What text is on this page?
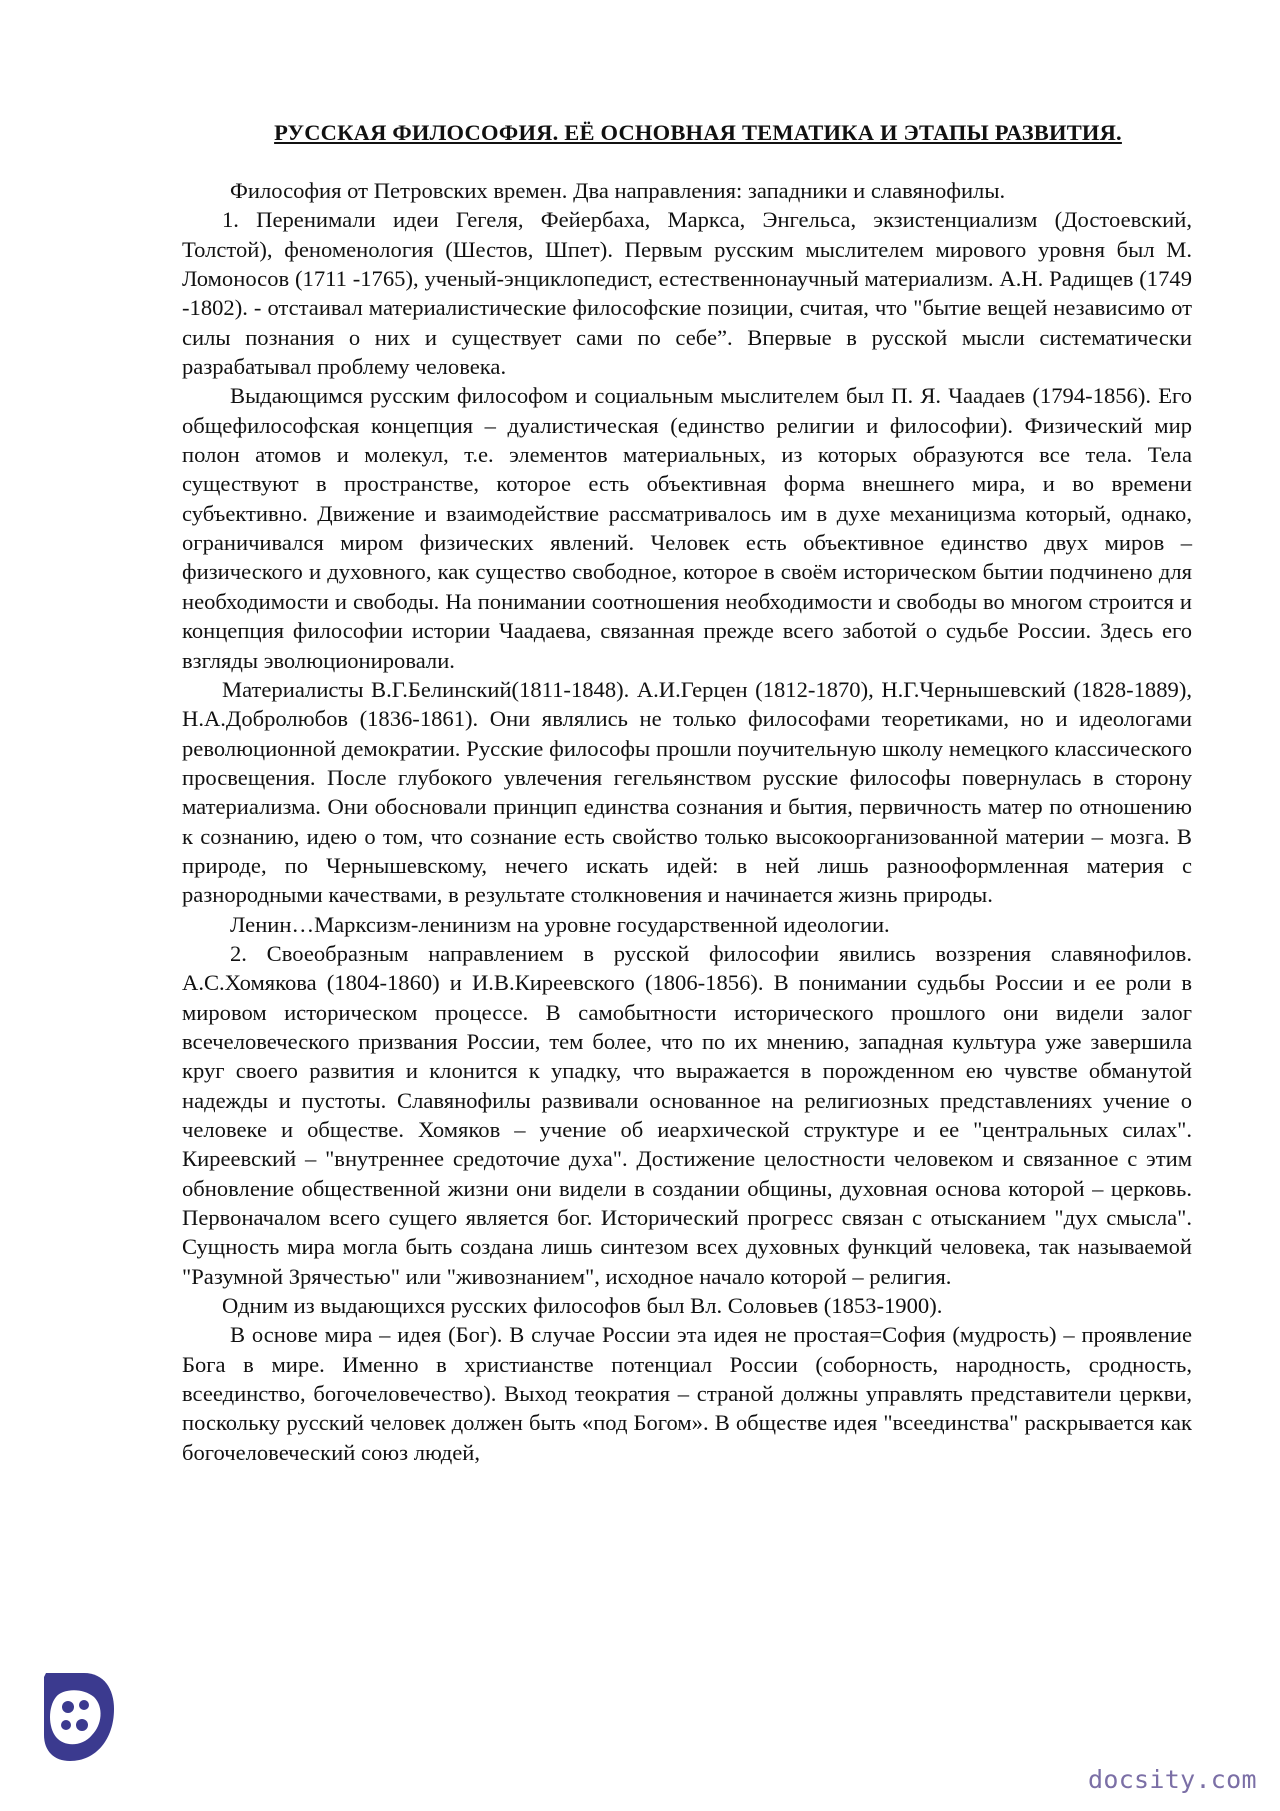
РУССКАЯ ФИЛОСОФИЯ. ЕЁ ОСНОВНАЯ ТЕМАТИКА И ЭТАПЫ РАЗВИТИЯ.

Философия от Петровских времен. Два направления: западники и славянофилы.

1. Перенимали идеи Гегеля, Фейербаха, Маркса, Энгельса, экзистенциализм (Достоевский, Толстой), феноменология (Шестов, Шпет). Первым русским мыслителем мирового уровня был М. Ломоносов (1711 -1765), ученый-энциклопедист, естественнонаучный материализм. А.Н. Радищев (1749 -1802). - отстаивал материалистические философские позиции, считая, что "бытие вещей независимо от силы познания о них и существует сами по себе”. Впервые в русской мысли систематически разрабатывал проблему человека.

Выдающимся русским философом и социальным мыслителем был П. Я. Чаадаев (1794-1856). Его общефилософская концепция – дуалистическая (единство религии и философии). Физический мир полон атомов и молекул, т.е. элементов материальных, из которых образуются все тела. Тела существуют в пространстве, которое есть объективная форма внешнего мира, и во времени субъективно. Движение и взаимодействие рассматривалось им в духе механицизма который, однако, ограничивался миром физических явлений. Человек есть объективное единство двух миров – физического и духовного, как существо свободное, которое в своём историческом бытии подчинено для необходимости и свободы. На понимании соотношения необходимости и свободы во многом строится и концепция философии истории Чаадаева, связанная прежде всего заботой о судьбе России. Здесь его взгляды эволюционировали.

Материалисты В.Г.Белинский(1811-1848). А.И.Герцен (1812-1870), Н.Г.Чернышевский (1828-1889), Н.А.Добролюбов (1836-1861). Они являлись не только философами теоретиками, но и идеологами революционной демократии. Русские философы прошли поучительную школу немецкого классического просвещения. После глубокого увлечения гегельянством русские философы повернулась в сторону материализма. Они обосновали принцип единства сознания и бытия, первичность матер по отношению к сознанию, идею о том, что сознание есть свойство только высокоорганизованной материи – мозга. В природе, по Чернышевскому, нечего искать идей: в ней лишь разнооформленная материя с разнородными качествами, в результате столкновения и начинается жизнь природы.

Ленин…Марксизм-ленинизм на уровне государственной идеологии.

2. Своеобразным направлением в русской философии явились воззрения славянофилов. А.С.Хомякова (1804-1860) и И.В.Киреевского (1806-1856). В понимании судьбы России и ее роли в мировом историческом процессе. В самобытности исторического прошлого они видели залог всечеловеческого призвания России, тем более, что по их мнению, западная культура уже завершила круг своего развития и клонится к упадку, что выражается в порожденном ею чувстве обманутой надежды и пустоты. Славянофилы развивали основанное на религиозных представлениях учение о человеке и обществе. Хомяков – учение об иеархической структуре и ее "центральных силах". Киреевский – "внутреннее средоточие духа". Достижение целостности человеком и связанное с этим обновление общественной жизни они видели в создании общины, духовная основа которой – церковь. Первоначалом всего сущего является бог. Исторический прогресс связан с отысканием "дух смысла". Сущность мира могла быть создана лишь синтезом всех духовных функций человека, так называемой "Разумной Зрячестью" или "живознанием", исходное начало которой – религия.

Одним из выдающихся русских философов был Вл. Соловьев (1853-1900).

В основе мира – идея (Бог). В случае России эта идея не простая=София (мудрость) – проявление Бога в мире. Именно в христианстве потенциал России (соборность, народность, сродность, всеединство, богочеловечество). Выход теократия – страной должны управлять представители церкви, поскольку русский человек должен быть «под Богом». В обществе идея "всеединства" раскрывается как богочеловеческий союз людей,

docsity.com
